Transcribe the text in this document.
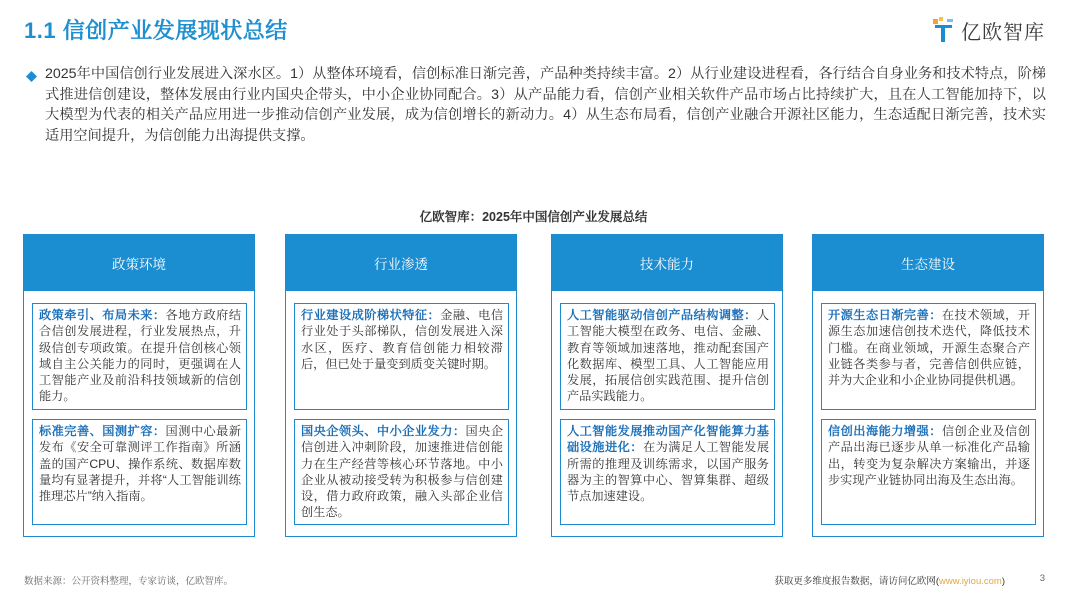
1.1 信创产业发展现状总结	亿欧智库

2025年中国信创行业发展进入深水区。1）从整体环境看，信创标准日渐完善，产品种类持续丰富。2）从行业建设进程看，各行结合自身业务和技术特点，阶梯式推进信创建设，整体发展由行业内国央企带头，中小企业协同配合。3）从产品能力看，信创产业相关软件产品市场占比持续扩大，且在人工智能加持下，以大模型为代表的相关产品应用进一步推动信创产业发展，成为信创增长的新动力。4）从生态布局看，信创产业融合开源社区能力，生态适配日渐完善，技术实适用空间提升，为信创能力出海提供支撑。

亿欧智库：2025年中国信创产业发展总结
政策环境
政策牵引、布局未来：各地方政府结合信创发展进程，行业发展热点，升级信创专项政策。在提升信创核心领域自主公关能力的同时，更强调在人工智能产业及前沿科技领域新的信创能力。
标准完善、国测扩容：国测中心最新发布《安全可靠测评工作指南》所涵盖的国产CPU、操作系统、数据库数量均有显著提升，并将“人工智能训练推理芯片”纳入指南。
行业渗透
行业建设成阶梯状特征：金融、电信行业处于头部梯队，信创发展进入深水区，医疗、教育信创能力相较滞后，但已处于量变到质变关键时期。
国央企领头、中小企业发力：国央企信创进入冲刺阶段，加速推进信创能力在生产经营等核心环节落地。中小企业从被动接受转为积极参与信创建设，借力政府政策，融入头部企业信创生态。
技术能力
人工智能驱动信创产品结构调整：人工智能大模型在政务、电信、金融、教育等领域加速落地，推动配套国产化数据库、模型工具、人工智能应用发展，拓展信创实践范围、提升信创产品实践能力。
人工智能发展推动国产化智能算力基础设施进化：在为满足人工智能发展所需的推理及训练需求，以国产服务器为主的智算中心、智算集群、超级节点加速建设。
生态建设
开源生态日渐完善：在技术领域，开源生态加速信创技术迭代，降低技术门槛。在商业领域，开源生态聚合产业链各类参与者，完善信创供应链，并为大企业和小企业协同提供机遇。
信创出海能力增强：信创企业及信创产品出海已逐步从单一标准化产品输出，转变为复杂解决方案输出，并逐步实现产业链协同出海及生态出海。
数据来源：公开资料整理，专家访谈，亿欧智库。	获取更多维度报告数据，请访问亿欧网(www.iyiou.com)	3
